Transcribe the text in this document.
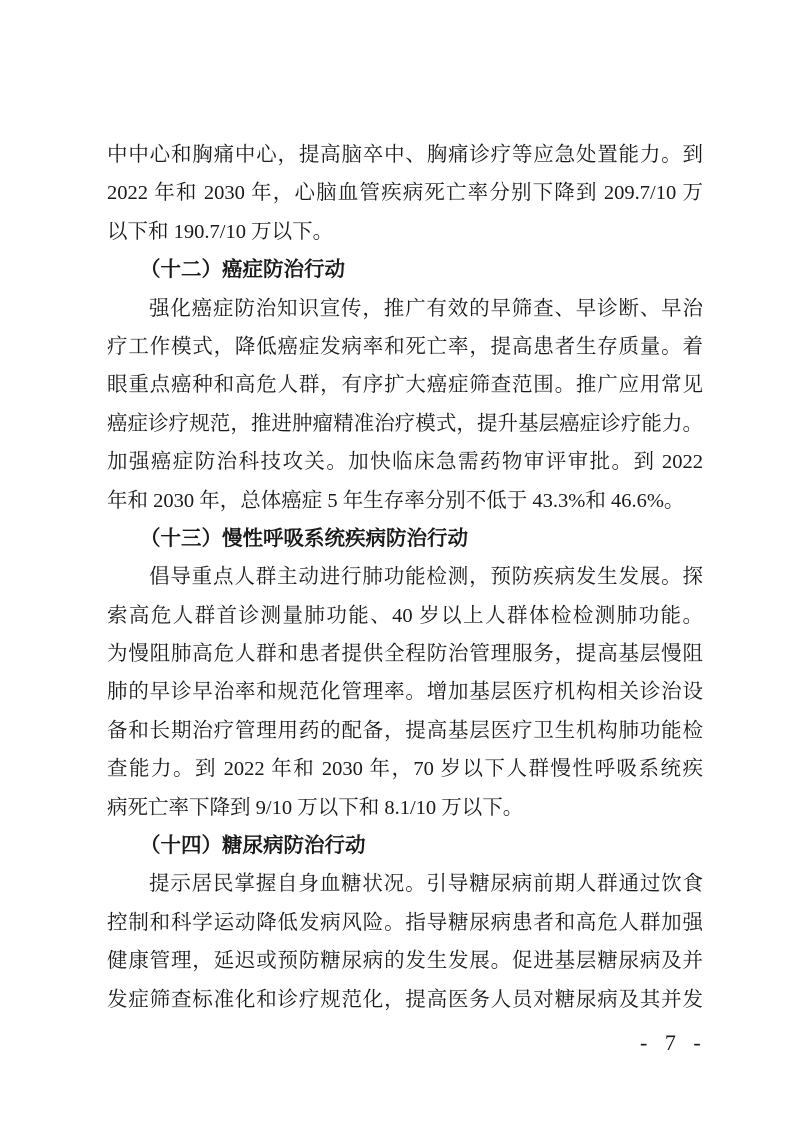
中中心和胸痛中心，提高脑卒中、胸痛诊疗等应急处置能力。到
2022 年和 2030 年，心脑血管疾病死亡率分别下降到 209.7/10 万
以下和 190.7/10 万以下。
（十二）癌症防治行动
强化癌症防治知识宣传，推广有效的早筛查、早诊断、早治
疗工作模式，降低癌症发病率和死亡率，提高患者生存质量。着
眼重点癌种和高危人群，有序扩大癌症筛查范围。推广应用常见
癌症诊疗规范，推进肿瘤精准治疗模式，提升基层癌症诊疗能力。
加强癌症防治科技攻关。加快临床急需药物审评审批。到 2022
年和 2030 年，总体癌症 5 年生存率分别不低于 43.3%和 46.6%。
（十三）慢性呼吸系统疾病防治行动
倡导重点人群主动进行肺功能检测，预防疾病发生发展。探
索高危人群首诊测量肺功能、40 岁以上人群体检检测肺功能。
为慢阻肺高危人群和患者提供全程防治管理服务，提高基层慢阻
肺的早诊早治率和规范化管理率。增加基层医疗机构相关诊治设
备和长期治疗管理用药的配备，提高基层医疗卫生机构肺功能检
查能力。到 2022 年和 2030 年，70 岁以下人群慢性呼吸系统疾
病死亡率下降到 9/10 万以下和 8.1/10 万以下。
（十四）糖尿病防治行动
提示居民掌握自身血糖状况。引导糖尿病前期人群通过饮食
控制和科学运动降低发病风险。指导糖尿病患者和高危人群加强
健康管理，延迟或预防糖尿病的发生发展。促进基层糖尿病及并
发症筛查标准化和诊疗规范化，提高医务人员对糖尿病及其并发
- 7 -
